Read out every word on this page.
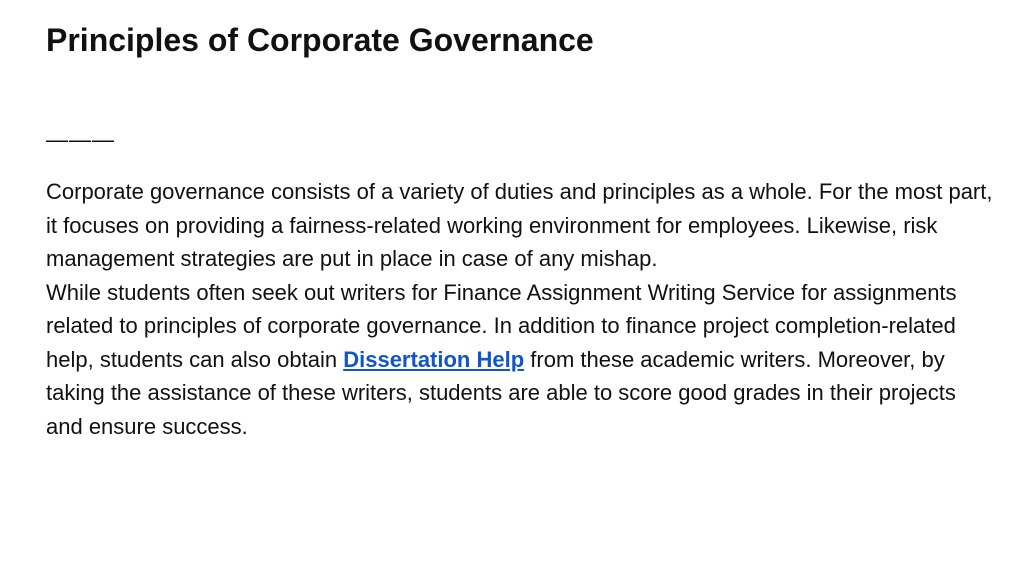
Principles of Corporate Governance
———

Corporate governance consists of a variety of duties and principles as a whole. For the most part, it focuses on providing a fairness-related working environment for employees. Likewise, risk management strategies are put in place in case of any mishap.

While students often seek out writers for Finance Assignment Writing Service for assignments related to principles of corporate governance. In addition to finance project completion-related help, students can also obtain Dissertation Help from these academic writers. Moreover, by taking the assistance of these writers, students are able to score good grades in their projects and ensure success.
